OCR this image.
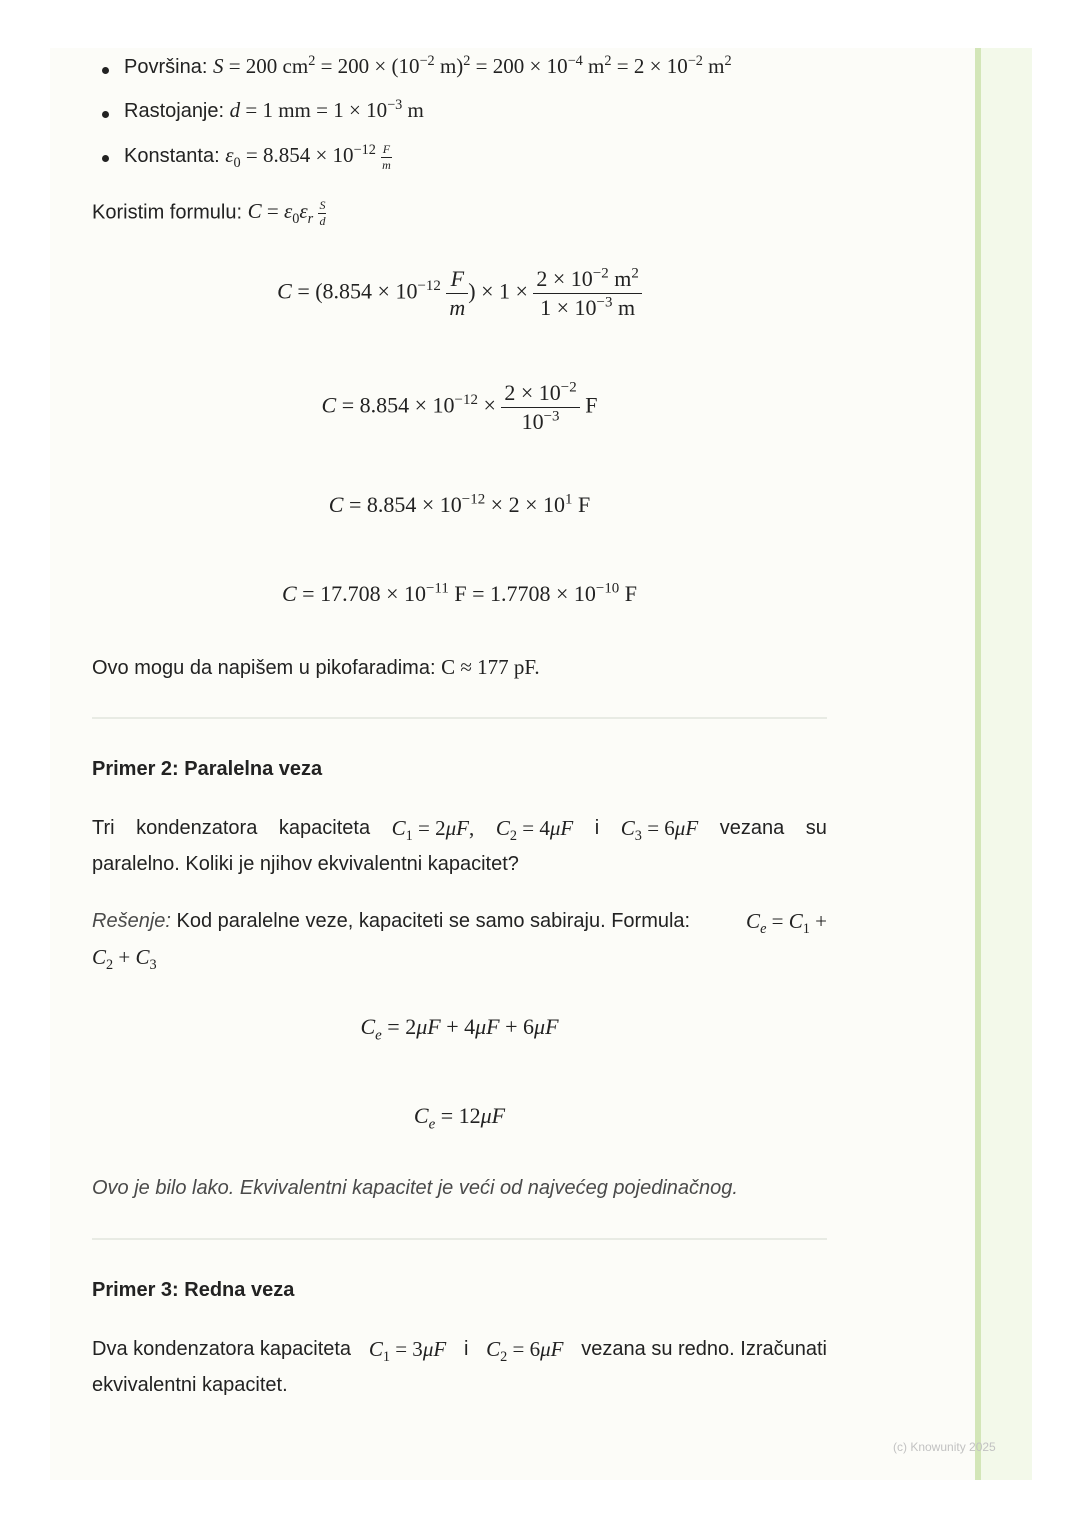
Površina: S = 200 $cm^2 = 200 \times (10^{-2}$ $m)^2 = 200 \times 10^{-4}$ $m^2 = 2 \times 10^{-2}$ $m^2$
Rastojanje: d = 1 mm = $1 \times 10^{-3}$ m
Konstanta: $\varepsilon_0 = 8.854 \times 10^{-12} \frac{F}{m}$
Koristim formulu: $C = \varepsilon_0\varepsilon_r \frac{S}{d}$
$C = (8.854 \times 10^{-12} \frac{F}{m}$ ) × $1 \times \frac{2 \times 10^{-2} m^2}{1 \times 10^{-3} m}$
$C = 8.854 \times 10^{-12} \times \frac{2 \times 10^{-2}}{10^{-3}}$ F
$C = 8.854 \times 10^{-12} \times 2 \times 10^1$ F
$C = 17.708 \times 10^{-11}$ $F = 1.7708 \times 10^{-10}$ F
Ovo mogu da napišem u pikofaradima: C ≈ 177 pF.
Primer 2: Paralelna veza
Tri kondenzatora kapaciteta $C_1 = 2\mu F$, $C_2 = 4\mu F$ i $C_3 = 6\mu F$ vezana su
paralelno. Koliki je njihov ekvivalentni kapacitet?
Rešenje: Kod paralelne veze, kapaciteti se samo sabiraju. Formula:	$C_e = C_1$ +
$C_2 + C_3$
$C_e = 2\mu F + 4\mu F + 6\mu F$
$C_e = 12\mu F$
Ovo je bilo lako. Ekvivalentni kapacitet je veći od najvećeg pojedinačnog.
Primer 3: Redna veza
Dva kondenzatora kapaciteta $C_1 = 3\mu F$ i $C_2 = 6\mu F$ vezana su redno. Izračunati
ekvivalentni kapacitet.
(c) Knowunity 2025
